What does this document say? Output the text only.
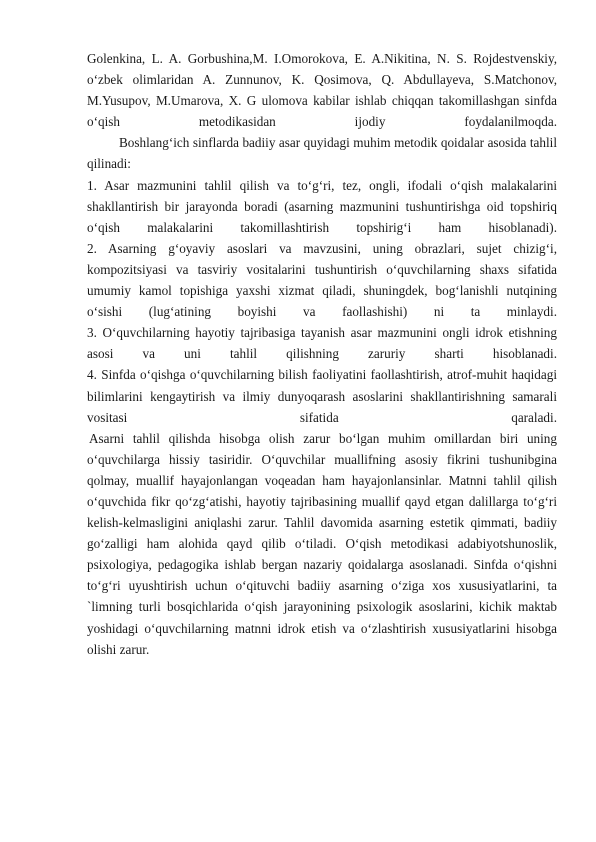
Golenkina, L. A. Gorbushina,M. I.Omorokova, E. A.Nikitina, N. S. Rojdestvenskiy, o‘zbek olimlaridan A. Zunnunov, K. Qosimova, Q. Abdullayeva, S.Matchonov, M.Yusupov, M.Umarova, X. G ulomova kabilar ishlab chiqqan takomillashgan sinfda o‘qish metodikasidan ijodiy foydalanilmoqda.

Boshlang‘ich sinflarda badiiy asar quyidagi muhim metodik qoidalar asosida tahlil qilinadi:

1. Asar mazmunini tahlil qilish va to‘g‘ri, tez, ongli, ifodali o‘qish malakalarini shakllantirish bir jarayonda boradi (asarning mazmunini tushuntirishga oid topshiriq o‘qish malakalarini takomillashtirish topshirig‘i ham hisoblanadi).

2. Asarning g‘oyaviy asoslari va mavzusini, uning obrazlari, sujet chizig‘i, kompozitsiyasi va tasviriy vositalarini tushuntirish o‘quvchilarning shaxs sifatida umumiy kamol topishiga yaxshi xizmat qiladi, shuningdek, bog‘lanishli nutqining o‘sishi (lug‘atining boyishi va faollashishi) ni ta minlaydi.

3. O‘quvchilarning hayotiy tajribasiga tayanish asar mazmunini ongli idrok etishning asosi va uni tahlil qilishning zaruriy sharti hisoblanadi.

4. Sinfda o‘qishga o‘quvchilarning bilish faoliyatini faollashtirish, atrof-muhit haqidagi bilimlarini kengaytirish va ilmiy dunyoqarash asoslarini shakllantirishning samarali vositasi sifatida qaraladi.

Asarni tahlil qilishda hisobga olish zarur bo‘lgan muhim omillardan biri uning o‘quvchilarga hissiy tasiridir. O‘quvchilar muallifning asosiy fikrini tushunibgina qolmay, muallif hayajonlangan voqeadan ham hayajonlansinlar. Matnni tahlil qilish o‘quvchida fikr qo‘zg‘atishi, hayotiy tajribasining muallif qayd etgan dalillarga to‘g‘ri kelish-kelmasligini aniqlashi zarur. Tahlil davomida asarning estetik qimmati, badiiy go‘zalligi ham alohida qayd qilib o‘tiladi. O‘qish metodikasi adabiyotshunoslik, psixologiya, pedagogika ishlab bergan nazariy qoidalarga asoslanadi. Sinfda o‘qishni to‘g‘ri uyushtirish uchun o‘qituvchi badiiy asarning o‘ziga xos xususiyatlarini, ta `limning turli bosqichlarida o‘qish jarayonining psixologik asoslarini, kichik maktab yoshidagi o‘quvchilarning matnni idrok etish va o‘zlashtirish xususiyatlarini hisobga olishi zarur.
